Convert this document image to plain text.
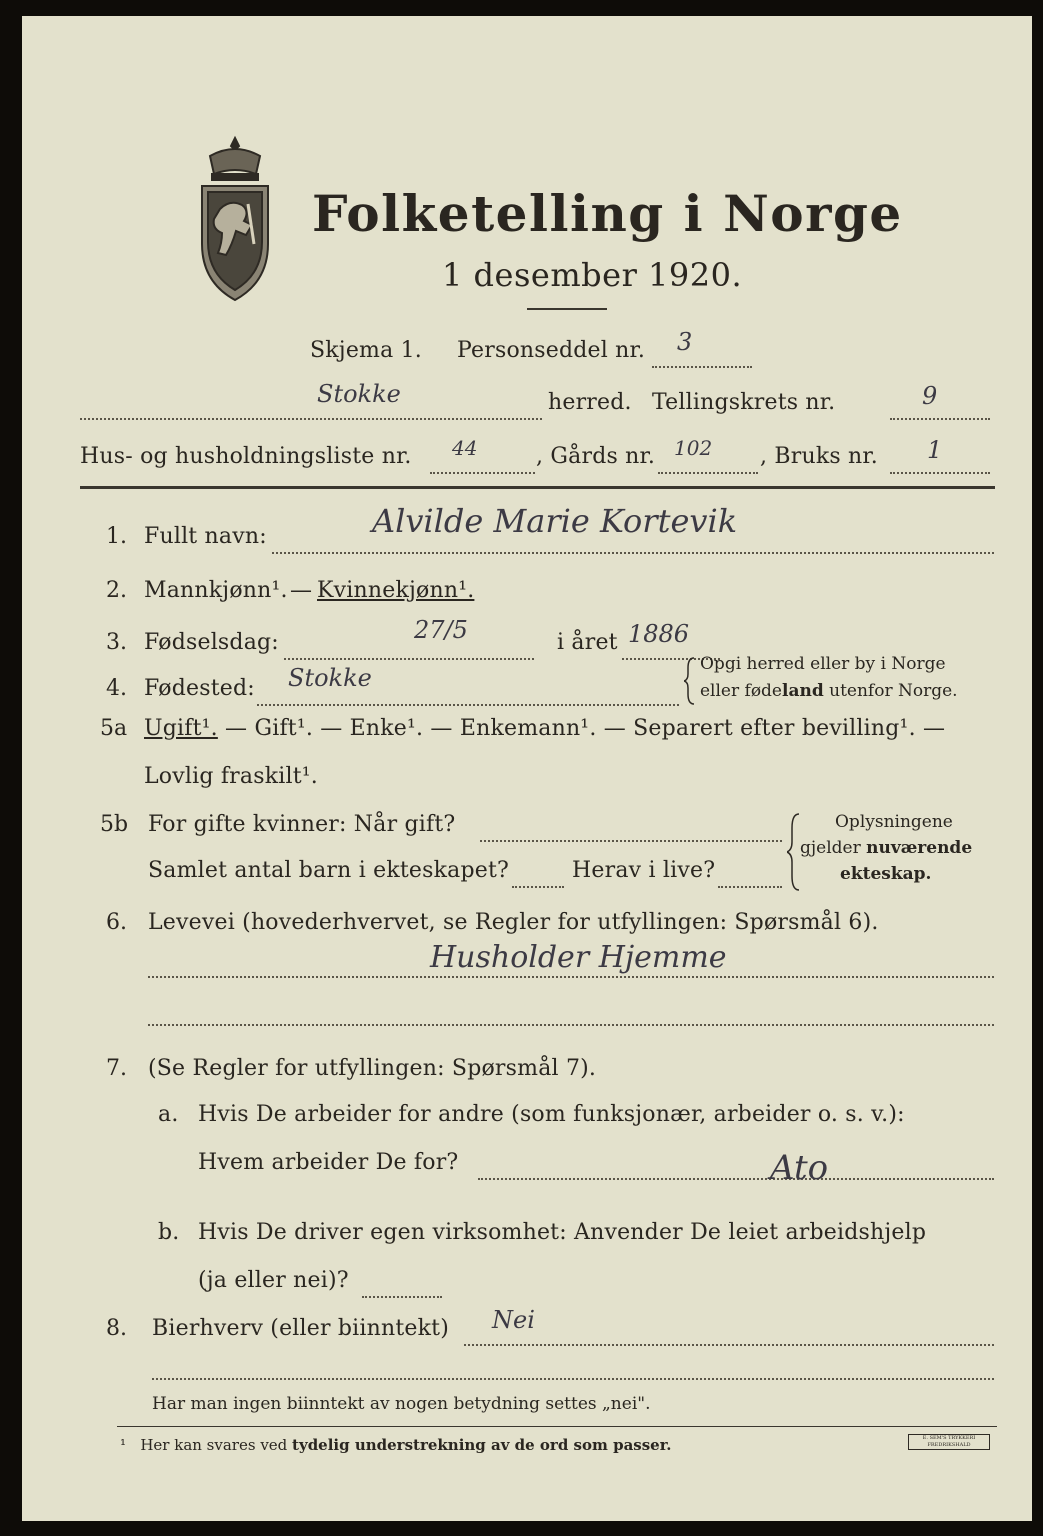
Folketelling i Norge
1 desember 1920.
Skjema 1. Personseddel nr. 3
Stokke	herred. Tellingskrets nr.	9
Hus- og husholdningsliste nr. 44	, Gårds nr. 102 , Bruks nr. 1
1. Fullt navn:	Alvilde Marie Kortevik
2. Mannkjønn¹. — Kvinnekjønn¹.
3. Fødselsdag:	27/5	i året 1886
4. Fødested: Stokke	Opgi herred eller by i Norge
eller fødeland utenfor Norge.
5a Ugift¹. — Gift¹. — Enke¹. — Enkemann¹. — Separert efter bevilling¹. —
Lovlig fraskilt¹.
5b For gifte kvinner: Når gift?
Samlet antal barn i ekteskapet?	Herav i live?
Oplysningene
gjelder nuværende
ekteskap.
6. Levevei (hovederhvervet, se Regler for utfyllingen: Spørsmål 6).
Husholder Hjemme
7. (Se Regler for utfyllingen: Spørsmål 7).
a. Hvis De arbeider for andre (som funksjonær, arbeider o. s. v.):
Hvem arbeider De for?	Ato
b. Hvis De driver egen virksomhet: Anvender De leiet arbeidshjelp
(ja eller nei)?
8. Bierhverv (eller biinntekt) Nei
Har man ingen biinntekt av nogen betydning settes „nei".
¹ Her kan svares ved tydelig understrekning av de ord som passer.	E. SEM'S TRYKKERI FREDRIKSHALD
